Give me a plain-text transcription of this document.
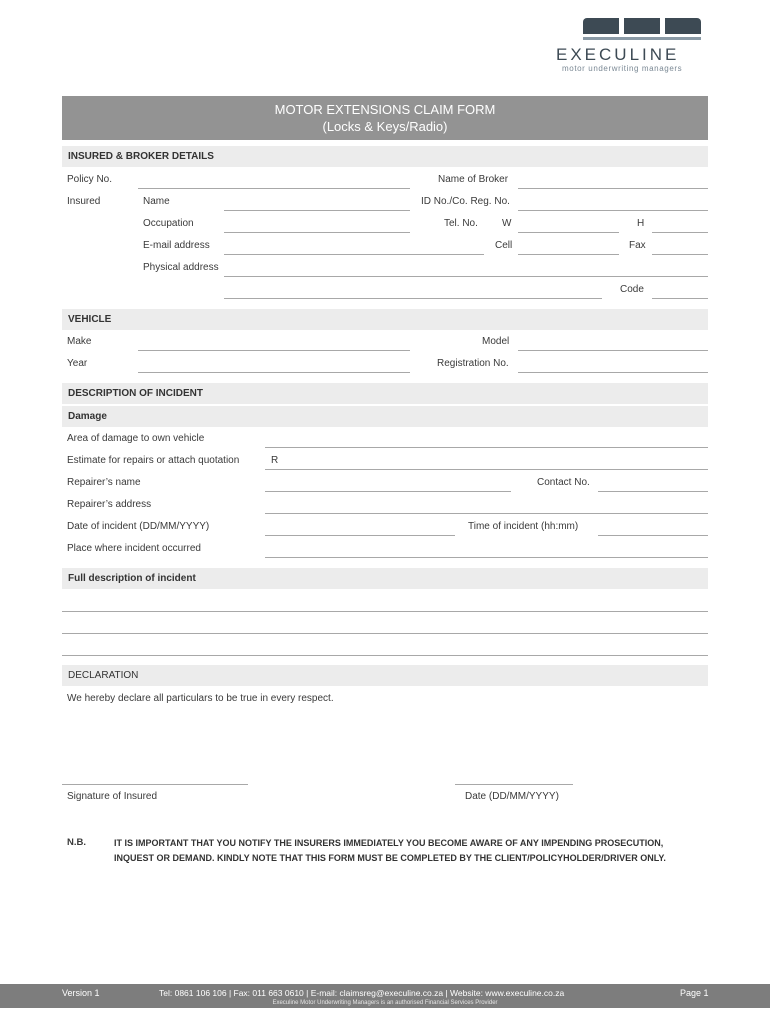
EXECULINE
motor underwriting managers
MOTOR EXTENSIONS CLAIM FORM
(Locks & Keys/Radio)
INSURED & BROKER DETAILS
Policy No.	Name of Broker
Insured	Name	ID No./Co. Reg. No.
Occupation	Tel. No. W	H
E-mail address	Cell	Fax
Physical address
Code
VEHICLE
Make	Model
Year	Registration No.
DESCRIPTION OF INCIDENT
Damage
Area of damage to own vehicle
Estimate for repairs or attach quotation	R
Repairer’s name	Contact No.
Repairer’s address
Date of incident (DD/MM/YYYY)	Time of incident (hh:mm)
Place where incident occurred
Full description of incident
DECLARATION
We hereby declare all particulars to be true in every respect.
Signature of Insured	Date (DD/MM/YYYY)
N.B.	IT IS IMPORTANT THAT YOU NOTIFY THE INSURERS IMMEDIATELY YOU BECOME AWARE OF ANY IMPENDING PROSECUTION,
INQUEST OR DEMAND. KINDLY NOTE THAT THIS FORM MUST BE COMPLETED BY THE CLIENT/POLICYHOLDER/DRIVER ONLY.
Version 1	Tel: 0861 106 106 | Fax: 011 663 0610 | E-mail: claimsreg@execuline.co.za | Website: www.execuline.co.za	Page 1
Execuline Motor Underwriting Managers is an authorised Financial Services Provider
